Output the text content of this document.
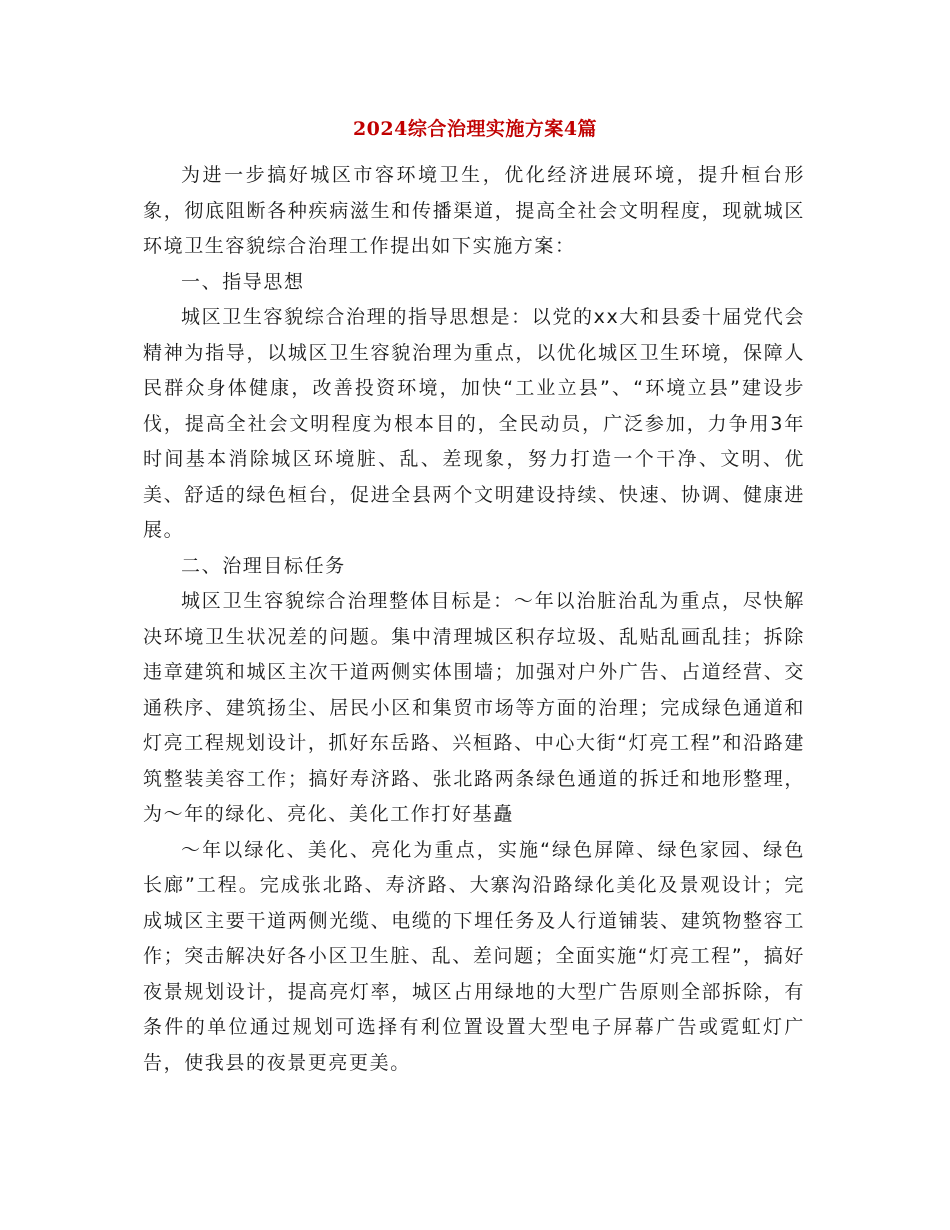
2024综合治理实施方案4篇

为进一步搞好城区市容环境卫生，优化经济进展环境，提升桓台形象，彻底阻断各种疾病滋生和传播渠道，提高全社会文明程度，现就城区环境卫生容貌综合治理工作提出如下实施方案：

一、指导思想

城区卫生容貌综合治理的指导思想是：以党的xx大和县委十届党代会精神为指导，以城区卫生容貌治理为重点，以优化城区卫生环境，保障人民群众身体健康，改善投资环境，加快“工业立县”、“环境立县”建设步伐，提高全社会文明程度为根本目的，全民动员，广泛参加，力争用3年时间基本消除城区环境脏、乱、差现象，努力打造一个干净、文明、优美、舒适的绿色桓台，促进全县两个文明建设持续、快速、协调、健康进展。

二、治理目标任务

城区卫生容貌综合治理整体目标是：～年以治脏治乱为重点，尽快解决环境卫生状况差的问题。集中清理城区积存垃圾、乱贴乱画乱挂；拆除违章建筑和城区主次干道两侧实体围墙；加强对户外广告、占道经营、交通秩序、建筑扬尘、居民小区和集贸市场等方面的治理；完成绿色通道和灯亮工程规划设计，抓好东岳路、兴桓路、中心大街“灯亮工程”和沿路建筑整装美容工作；搞好寿济路、张北路两条绿色通道的拆迁和地形整理，为～年的绿化、亮化、美化工作打好基矗

～年以绿化、美化、亮化为重点，实施“绿色屏障、绿色家园、绿色长廊”工程。完成张北路、寿济路、大寨沟沿路绿化美化及景观设计；完成城区主要干道两侧光缆、电缆的下埋任务及人行道铺装、建筑物整容工作；突击解决好各小区卫生脏、乱、差问题；全面实施“灯亮工程”，搞好夜景规划设计，提高亮灯率，城区占用绿地的大型广告原则全部拆除，有条件的单位通过规划可选择有利位置设置大型电子屏幕广告或霓虹灯广告，使我县的夜景更亮更美。
